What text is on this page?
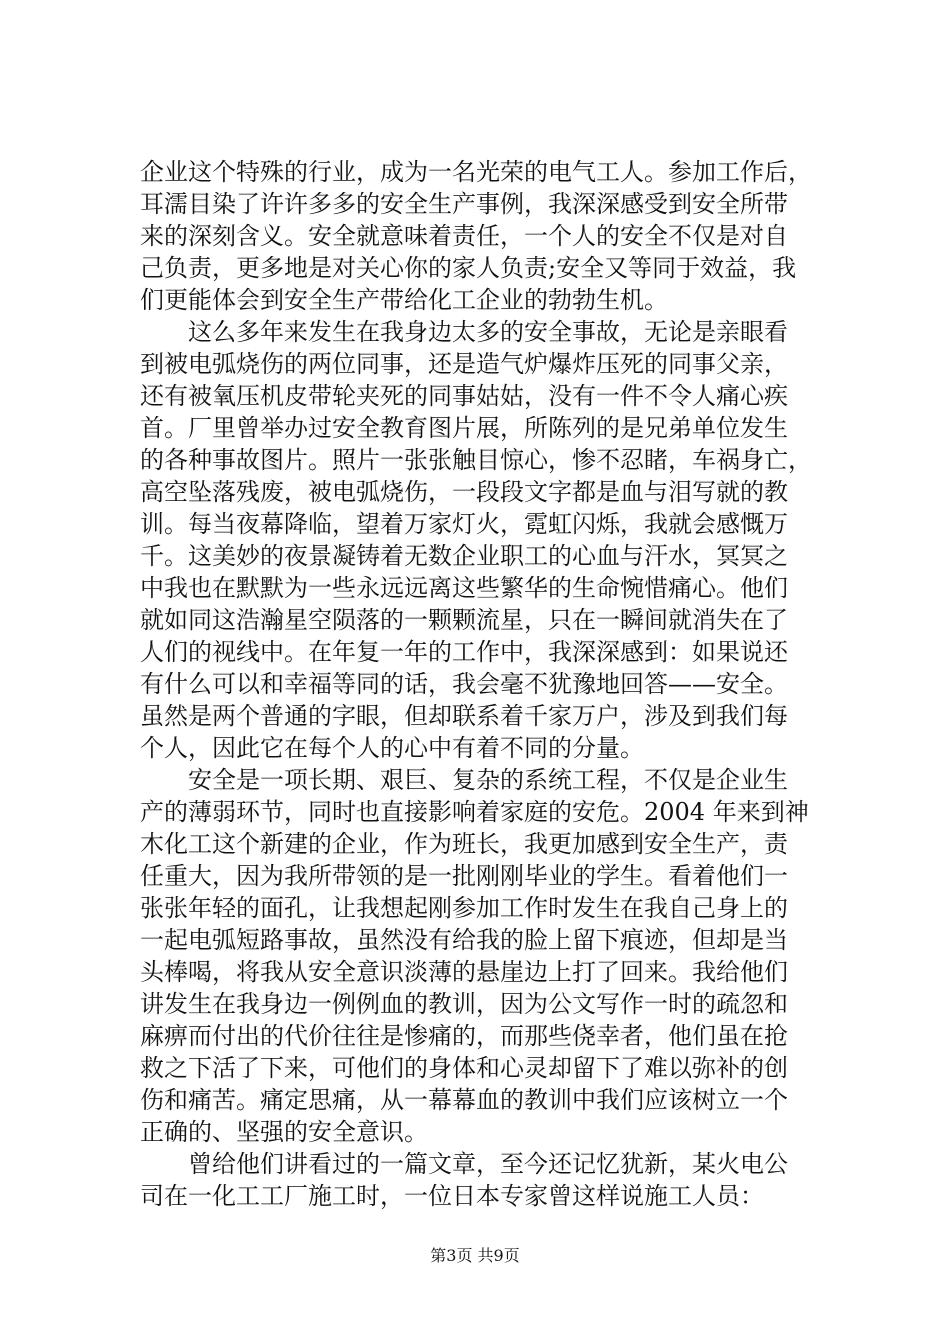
企业这个特殊的行业，成为一名光荣的电气工人。参加工作后，
耳濡目染了许许多多的安全生产事例，我深深感受到安全所带
来的深刻含义。安全就意味着责任，一个人的安全不仅是对自
己负责，更多地是对关心你的家人负责;安全又等同于效益，我
们更能体会到安全生产带给化工企业的勃勃生机。
　　这么多年来发生在我身边太多的安全事故，无论是亲眼看
到被电弧烧伤的两位同事，还是造气炉爆炸压死的同事父亲，
还有被氧压机皮带轮夹死的同事姑姑，没有一件不令人痛心疾
首。厂里曾举办过安全教育图片展，所陈列的是兄弟单位发生
的各种事故图片。照片一张张触目惊心，惨不忍睹，车祸身亡，
高空坠落残废，被电弧烧伤，一段段文字都是血与泪写就的教
训。每当夜幕降临，望着万家灯火，霓虹闪烁，我就会感慨万
千。这美妙的夜景凝铸着无数企业职工的心血与汗水，冥冥之
中我也在默默为一些永远远离这些繁华的生命惋惜痛心。他们
就如同这浩瀚星空陨落的一颗颗流星，只在一瞬间就消失在了
人们的视线中。在年复一年的工作中，我深深感到：如果说还
有什么可以和幸福等同的话，我会毫不犹豫地回答——安全。
虽然是两个普通的字眼，但却联系着千家万户，涉及到我们每
个人，因此它在每个人的心中有着不同的分量。
　　安全是一项长期、艰巨、复杂的系统工程，不仅是企业生
产的薄弱环节，同时也直接影响着家庭的安危。2004 年来到神
木化工这个新建的企业，作为班长，我更加感到安全生产，责
任重大，因为我所带领的是一批刚刚毕业的学生。看着他们一
张张年轻的面孔，让我想起刚参加工作时发生在我自己身上的
一起电弧短路事故，虽然没有给我的脸上留下痕迹，但却是当
头棒喝，将我从安全意识淡薄的悬崖边上打了回来。我给他们
讲发生在我身边一例例血的教训，因为公文写作一时的疏忽和
麻痹而付出的代价往往是惨痛的，而那些侥幸者，他们虽在抢
救之下活了下来，可他们的身体和心灵却留下了难以弥补的创
伤和痛苦。痛定思痛，从一幕幕血的教训中我们应该树立一个
正确的、坚强的安全意识。
　　曾给他们讲看过的一篇文章，至今还记忆犹新，某火电公
司在一化工工厂施工时，一位日本专家曾这样说施工人员：
第3页 共9页
